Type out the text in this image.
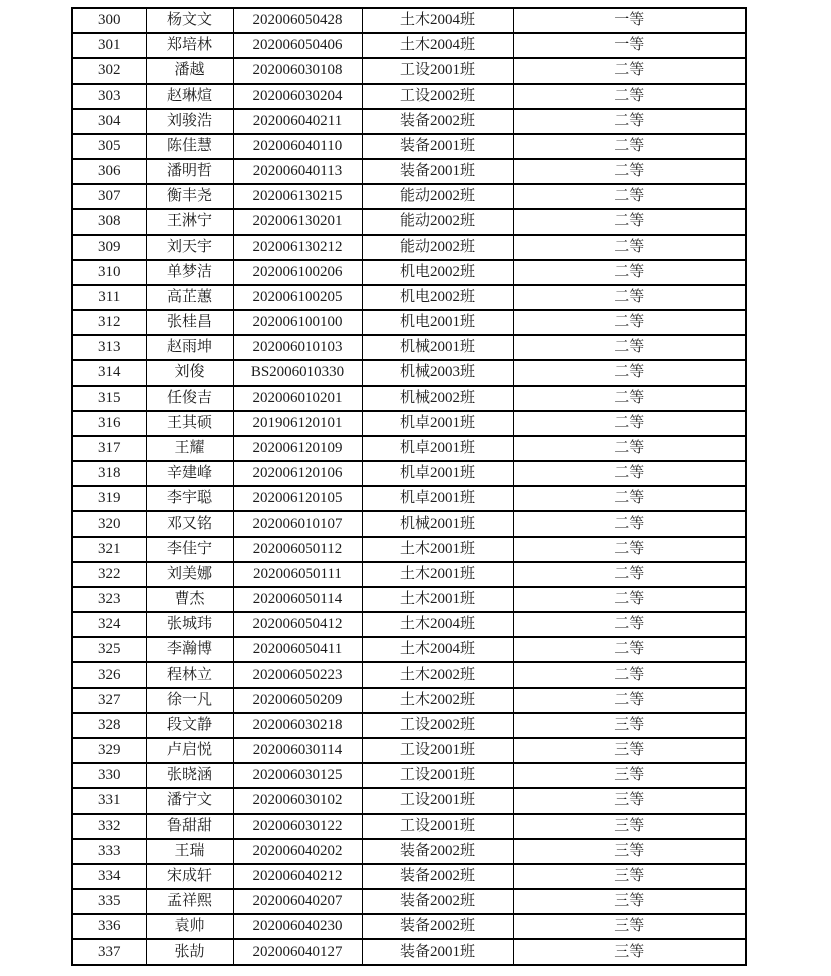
300	杨文文	202006050428	土木2004班	一等
301	郑培林	202006050406	土木2004班	一等
302	潘越	202006030108	工设2001班	二等
303	赵琳煊	202006030204	工设2002班	二等
304	刘骏浩	202006040211	装备2002班	二等
305	陈佳慧	202006040110	装备2001班	二等
306	潘明哲	202006040113	装备2001班	二等
307	衡丰尧	202006130215	能动2002班	二等
308	王淋宁	202006130201	能动2002班	二等
309	刘天宇	202006130212	能动2002班	二等
310	单梦洁	202006100206	机电2002班	二等
311	高芷蕙	202006100205	机电2002班	二等
312	张桂昌	202006100100	机电2001班	二等
313	赵雨坤	202006010103	机械2001班	二等
314	刘俊	BS2006010330	机械2003班	二等
315	任俊吉	202006010201	机械2002班	二等
316	王其硕	201906120101	机卓2001班	二等
317	王耀	202006120109	机卓2001班	二等
318	辛建峰	202006120106	机卓2001班	二等
319	李宇聪	202006120105	机卓2001班	二等
320	邓又铭	202006010107	机械2001班	二等
321	李佳宁	202006050112	土木2001班	二等
322	刘美娜	202006050111	土木2001班	二等
323	曹杰	202006050114	土木2001班	二等
324	张城玮	202006050412	土木2004班	二等
325	李瀚博	202006050411	土木2004班	二等
326	程林立	202006050223	土木2002班	二等
327	徐一凡	202006050209	土木2002班	二等
328	段文静	202006030218	工设2002班	三等
329	卢启悦	202006030114	工设2001班	三等
330	张晓涵	202006030125	工设2001班	三等
331	潘宁文	202006030102	工设2001班	三等
332	鲁甜甜	202006030122	工设2001班	三等
333	王瑞	202006040202	装备2002班	三等
334	宋成轩	202006040212	装备2002班	三等
335	孟祥熙	202006040207	装备2002班	三等
336	袁帅	202006040230	装备2002班	三等
337	张劼	202006040127	装备2001班	三等
